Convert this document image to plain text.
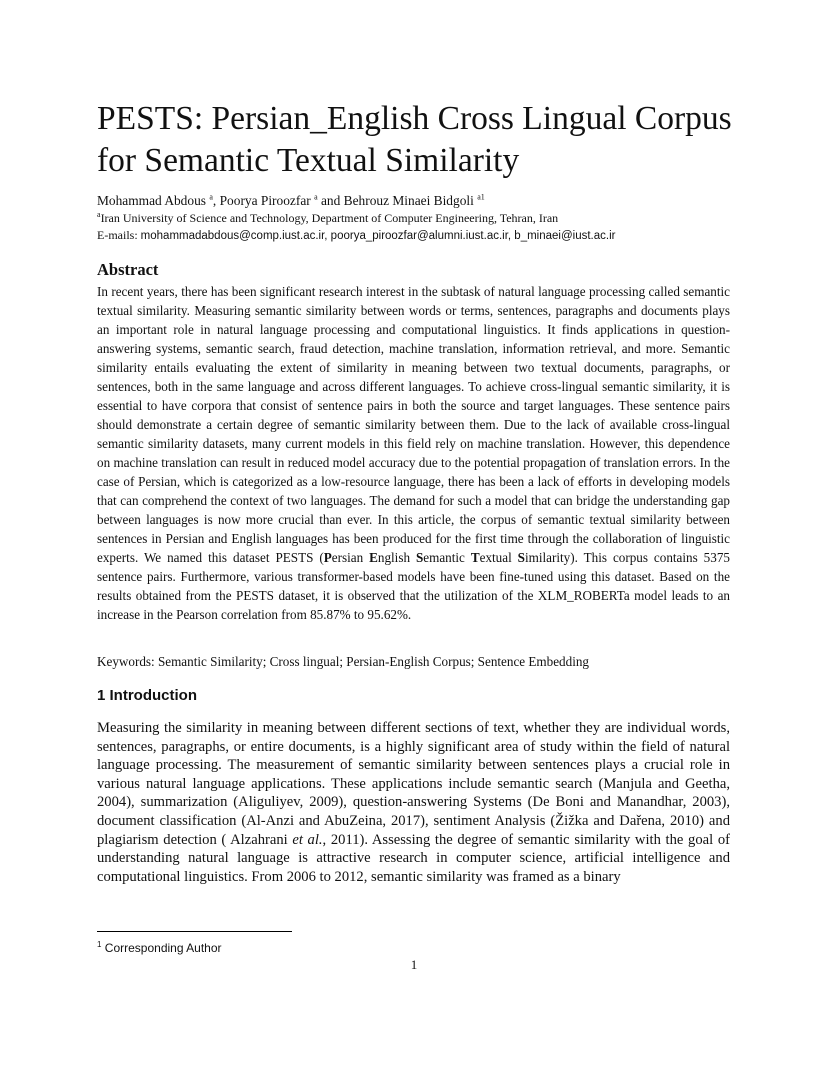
PESTS: Persian_English Cross Lingual Corpus for Semantic Textual Similarity
Mohammad Abdous $^a$, Poorya Piroozfar $^a$ and Behrouz Minaei Bidgoli $^{a1}$
$^a$Iran University of Science and Technology, Department of Computer Engineering, Tehran, Iran
E-mails: mohammadabdous@comp.iust.ac.ir, poorya_piroozfar@alumni.iust.ac.ir, b_minaei@iust.ac.ir
Abstract

In recent years, there has been significant research interest in the subtask of natural language processing called semantic textual similarity. Measuring semantic similarity between words or terms, sentences, paragraphs and documents plays an important role in natural language processing and computational linguistics. It finds applications in question-answering systems, semantic search, fraud detection, machine translation, information retrieval, and more. Semantic similarity entails evaluating the extent of similarity in meaning between two textual documents, paragraphs, or sentences, both in the same language and across different languages. To achieve cross-lingual semantic similarity, it is essential to have corpora that consist of sentence pairs in both the source and target languages. These sentence pairs should demonstrate a certain degree of semantic similarity between them. Due to the lack of available cross-lingual semantic similarity datasets, many current models in this field rely on machine translation. However, this dependence on machine translation can result in reduced model accuracy due to the potential propagation of translation errors. In the case of Persian, which is categorized as a low-resource language, there has been a lack of efforts in developing models that can comprehend the context of two languages. The demand for such a model that can bridge the understanding gap between languages is now more crucial than ever. In this article, the corpus of semantic textual similarity between sentences in Persian and English languages has been produced for the first time through the collaboration of linguistic experts. We named this dataset PESTS (Persian English Semantic Textual Similarity). This corpus contains 5375 sentence pairs. Furthermore, various transformer-based models have been fine-tuned using this dataset. Based on the results obtained from the PESTS dataset, it is observed that the utilization of the XLM_ROBERTa model leads to an increase in the Pearson correlation from 85.87% to 95.62%.

Keywords: Semantic Similarity; Cross lingual; Persian-English Corpus; Sentence Embedding
1 Introduction

Measuring the similarity in meaning between different sections of text, whether they are individual words, sentences, paragraphs, or entire documents, is a highly significant area of study within the field of natural language processing. The measurement of semantic similarity between sentences plays a crucial role in various natural language applications. These applications include semantic search (Manjula and Geetha, 2004), summarization (Aliguliyev, 2009), question-answering Systems (De Boni and Manandhar, 2003), document classification (Al-Anzi and AbuZeina, 2017), sentiment Analysis (Žižka and Dařena, 2010) and plagiarism detection ( Alzahrani et al., 2011). Assessing the degree of semantic similarity with the goal of understanding natural language is attractive research in computer science, artificial intelligence and computational linguistics. From 2006 to 2012, semantic similarity was framed as a binary

$^1$ Corresponding Author
1
